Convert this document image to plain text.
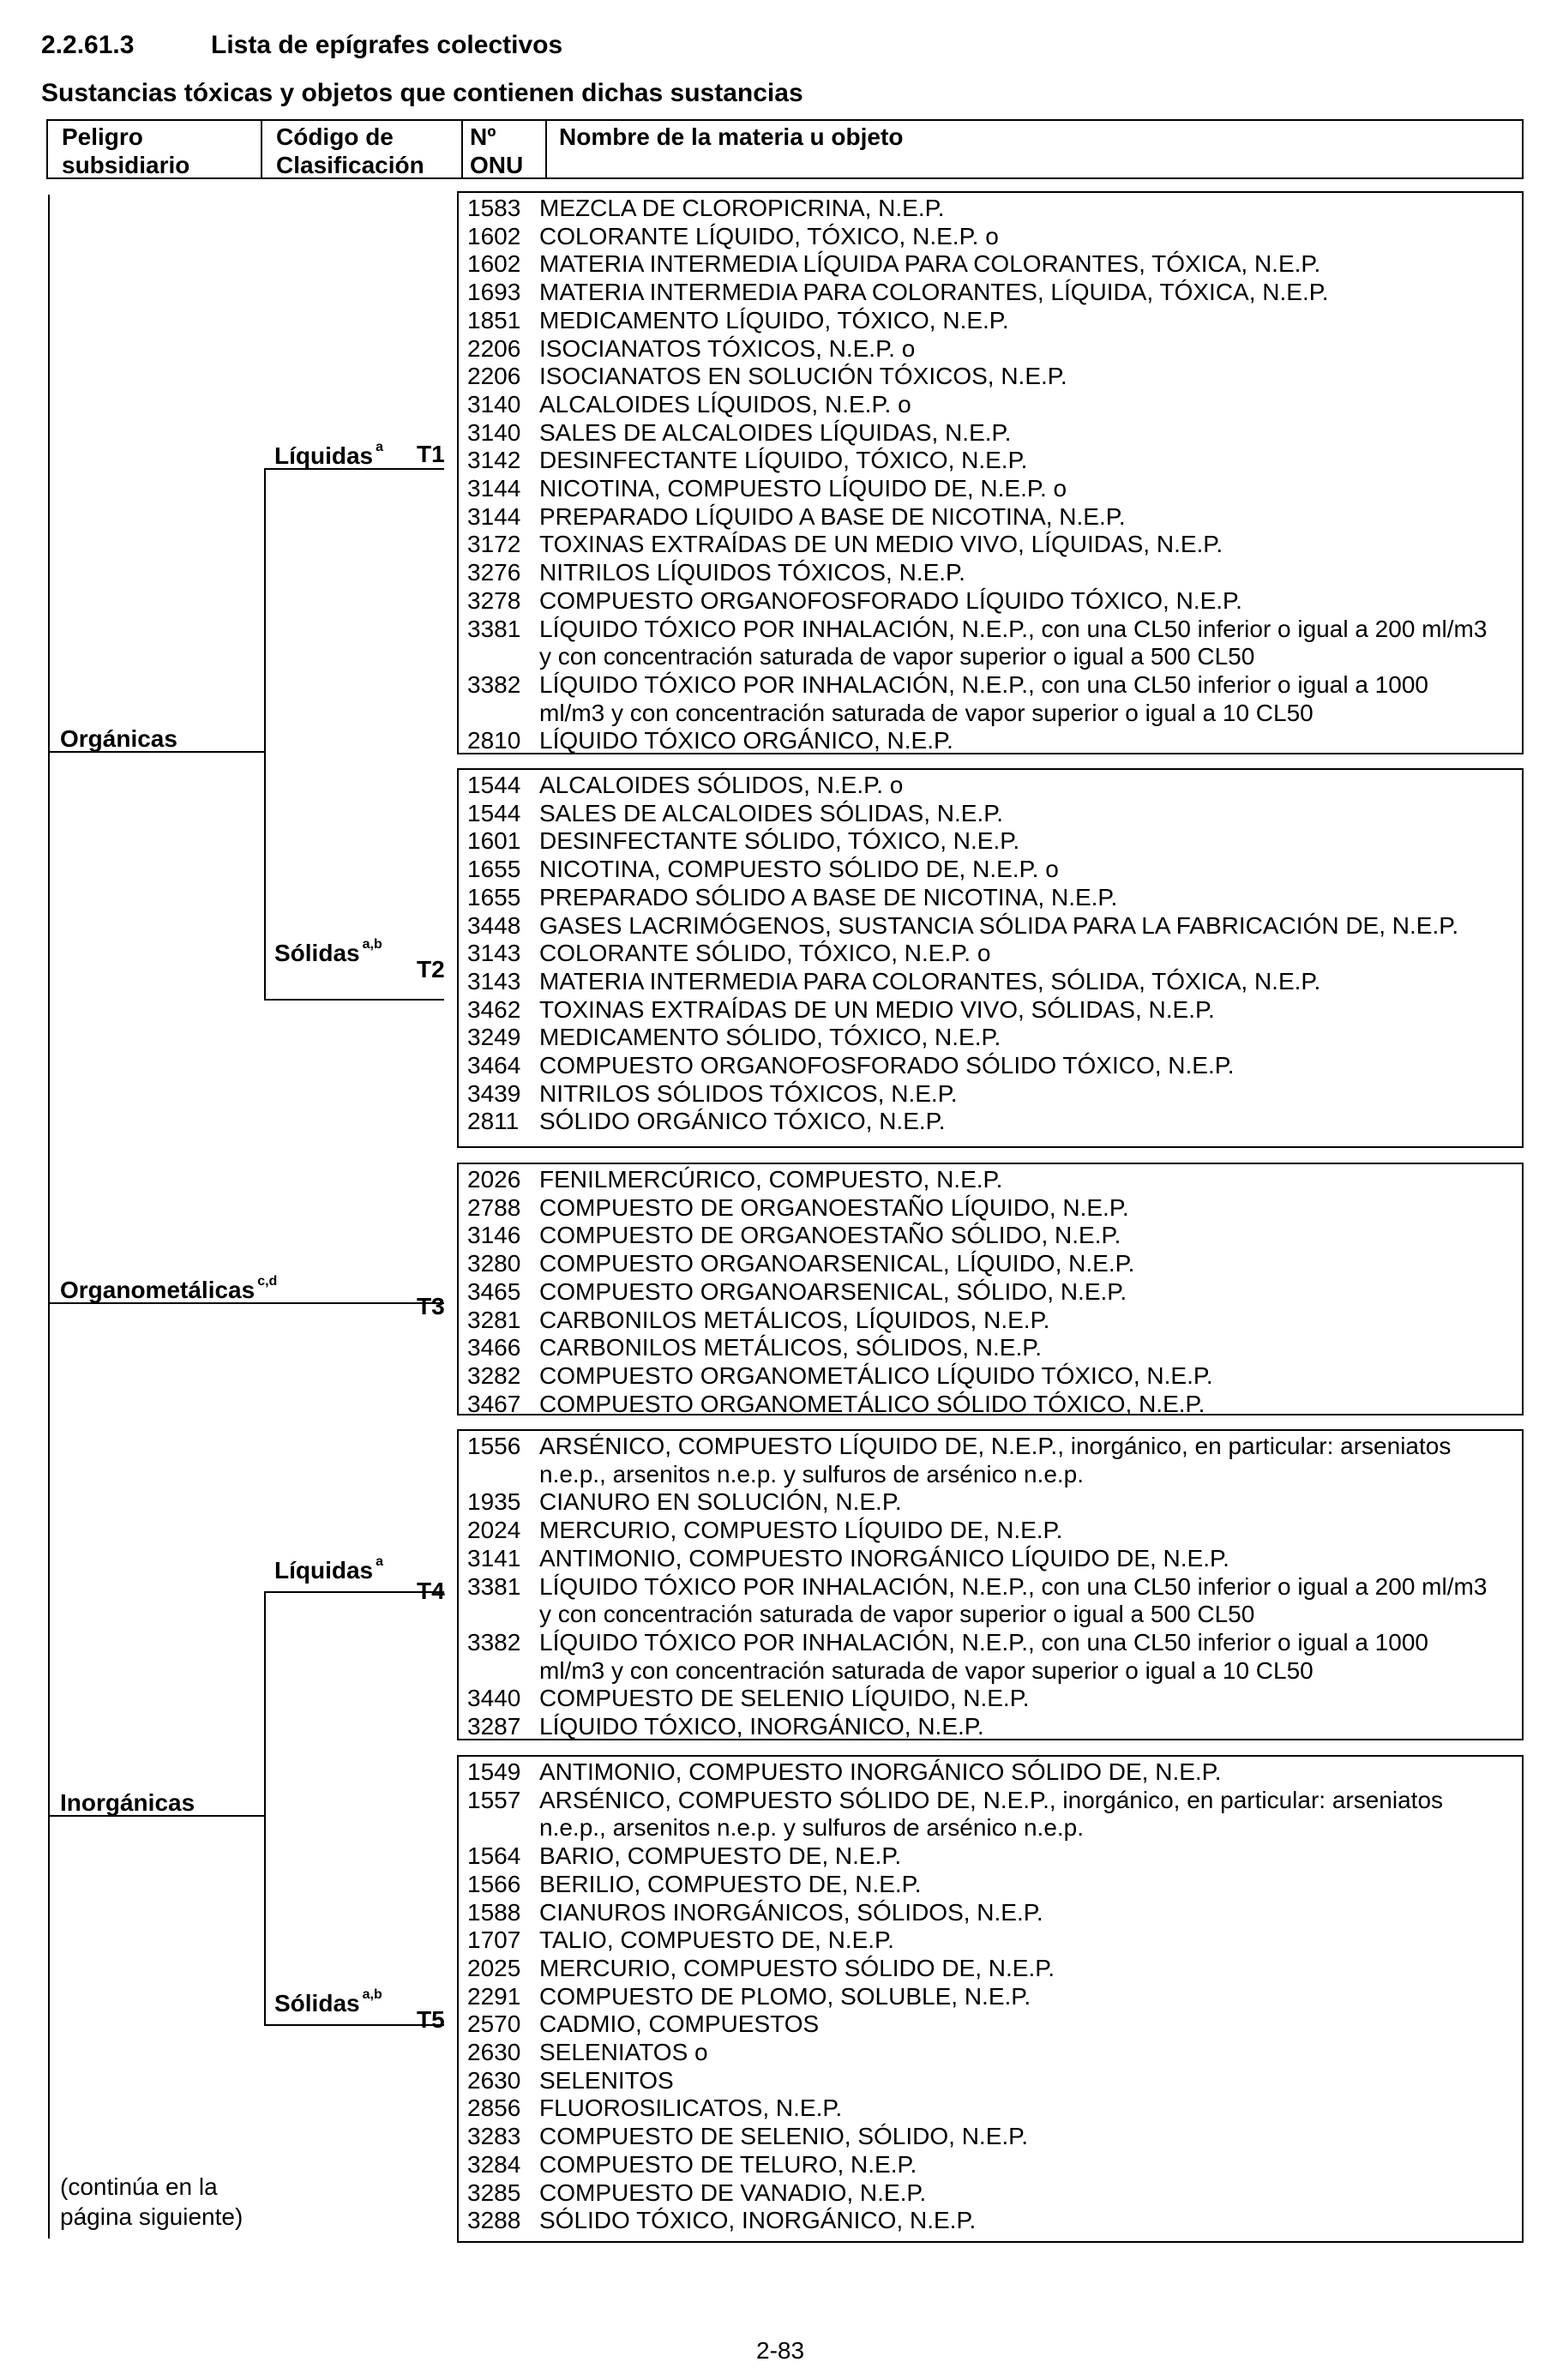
2.2.61.3	Lista de epígrafes colectivos
Sustancias tóxicas y objetos que contienen dichas sustancias
Peligro
subsidiario
Código de
Clasificación
Nº
ONU
Nombre de la materia u objeto
Orgánicas
Líquidas $^a$
Sólidas $^{a,b}$
Organometálicas $^{c,d}$
Líquidas $^a$
Inorgánicas
Sólidas $^{a,b}$
T1
T2
T3
T4
T5
(continúa en la
página siguiente)
1583 MEZCLA DE CLOROPICRINA, N.E.P.
1602 COLORANTE LÍQUIDO, TÓXICO, N.E.P. o
1602 MATERIA INTERMEDIA LÍQUIDA PARA COLORANTES, TÓXICA, N.E.P.
1693 MATERIA INTERMEDIA PARA COLORANTES, LÍQUIDA, TÓXICA, N.E.P.
1851 MEDICAMENTO LÍQUIDO, TÓXICO, N.E.P.
2206 ISOCIANATOS TÓXICOS, N.E.P. o
2206 ISOCIANATOS EN SOLUCIÓN TÓXICOS, N.E.P.
3140 ALCALOIDES LÍQUIDOS, N.E.P. o
3140 SALES DE ALCALOIDES LÍQUIDAS, N.E.P.
3142 DESINFECTANTE LÍQUIDO, TÓXICO, N.E.P.
3144 NICOTINA, COMPUESTO LÍQUIDO DE, N.E.P. o
3144 PREPARADO LÍQUIDO A BASE DE NICOTINA, N.E.P.
3172 TOXINAS EXTRAÍDAS DE UN MEDIO VIVO, LÍQUIDAS, N.E.P.
3276 NITRILOS LÍQUIDOS TÓXICOS, N.E.P.
3278 COMPUESTO ORGANOFOSFORADO LÍQUIDO TÓXICO, N.E.P.
3381 LÍQUIDO TÓXICO POR INHALACIÓN, N.E.P., con una CL50 inferior o igual a 200 ml/m3
y con concentración saturada de vapor superior o igual a 500 CL50
3382 LÍQUIDO TÓXICO POR INHALACIÓN, N.E.P., con una CL50 inferior o igual a 1000
ml/m3 y con concentración saturada de vapor superior o igual a 10 CL50
2810 LÍQUIDO TÓXICO ORGÁNICO, N.E.P.
1544 ALCALOIDES SÓLIDOS, N.E.P. o
1544 SALES DE ALCALOIDES SÓLIDAS, N.E.P.
1601 DESINFECTANTE SÓLIDO, TÓXICO, N.E.P.
1655 NICOTINA, COMPUESTO SÓLIDO DE, N.E.P. o
1655 PREPARADO SÓLIDO A BASE DE NICOTINA, N.E.P.
3448 GASES LACRIMÓGENOS, SUSTANCIA SÓLIDA PARA LA FABRICACIÓN DE, N.E.P.
3143 COLORANTE SÓLIDO, TÓXICO, N.E.P. o
3143 MATERIA INTERMEDIA PARA COLORANTES, SÓLIDA, TÓXICA, N.E.P.
3462 TOXINAS EXTRAÍDAS DE UN MEDIO VIVO, SÓLIDAS, N.E.P.
3249 MEDICAMENTO SÓLIDO, TÓXICO, N.E.P.
3464 COMPUESTO ORGANOFOSFORADO SÓLIDO TÓXICO, N.E.P.
3439 NITRILOS SÓLIDOS TÓXICOS, N.E.P.
2811 SÓLIDO ORGÁNICO TÓXICO, N.E.P.
2026 FENILMERCÚRICO, COMPUESTO, N.E.P.
2788 COMPUESTO DE ORGANOESTAÑO LÍQUIDO, N.E.P.
3146 COMPUESTO DE ORGANOESTAÑO SÓLIDO, N.E.P.
3280 COMPUESTO ORGANOARSENICAL, LÍQUIDO, N.E.P.
3465 COMPUESTO ORGANOARSENICAL, SÓLIDO, N.E.P.
3281 CARBONILOS METÁLICOS, LÍQUIDOS, N.E.P.
3466 CARBONILOS METÁLICOS, SÓLIDOS, N.E.P.
3282 COMPUESTO ORGANOMETÁLICO LÍQUIDO TÓXICO, N.E.P.
3467 COMPUESTO ORGANOMETÁLICO SÓLIDO TÓXICO, N.E.P.
1556 ARSÉNICO, COMPUESTO LÍQUIDO DE, N.E.P., inorgánico, en particular: arseniatos
n.e.p., arsenitos n.e.p. y sulfuros de arsénico n.e.p.
1935 CIANURO EN SOLUCIÓN, N.E.P.
2024 MERCURIO, COMPUESTO LÍQUIDO DE, N.E.P.
3141 ANTIMONIO, COMPUESTO INORGÁNICO LÍQUIDO DE, N.E.P.
3381 LÍQUIDO TÓXICO POR INHALACIÓN, N.E.P., con una CL50 inferior o igual a 200 ml/m3
y con concentración saturada de vapor superior o igual a 500 CL50
3382 LÍQUIDO TÓXICO POR INHALACIÓN, N.E.P., con una CL50 inferior o igual a 1000
ml/m3 y con concentración saturada de vapor superior o igual a 10 CL50
3440 COMPUESTO DE SELENIO LÍQUIDO, N.E.P.
3287 LÍQUIDO TÓXICO, INORGÁNICO, N.E.P.
1549 ANTIMONIO, COMPUESTO INORGÁNICO SÓLIDO DE, N.E.P.
1557 ARSÉNICO, COMPUESTO SÓLIDO DE, N.E.P., inorgánico, en particular: arseniatos
n.e.p., arsenitos n.e.p. y sulfuros de arsénico n.e.p.
1564 BARIO, COMPUESTO DE, N.E.P.
1566 BERILIO, COMPUESTO DE, N.E.P.
1588 CIANUROS INORGÁNICOS, SÓLIDOS, N.E.P.
1707 TALIO, COMPUESTO DE, N.E.P.
2025 MERCURIO, COMPUESTO SÓLIDO DE, N.E.P.
2291 COMPUESTO DE PLOMO, SOLUBLE, N.E.P.
2570 CADMIO, COMPUESTOS
2630 SELENIATOS o
2630 SELENITOS
2856 FLUOROSILICATOS, N.E.P.
3283 COMPUESTO DE SELENIO, SÓLIDO, N.E.P.
3284 COMPUESTO DE TELURO, N.E.P.
3285 COMPUESTO DE VANADIO, N.E.P.
3288 SÓLIDO TÓXICO, INORGÁNICO, N.E.P.
2-83
